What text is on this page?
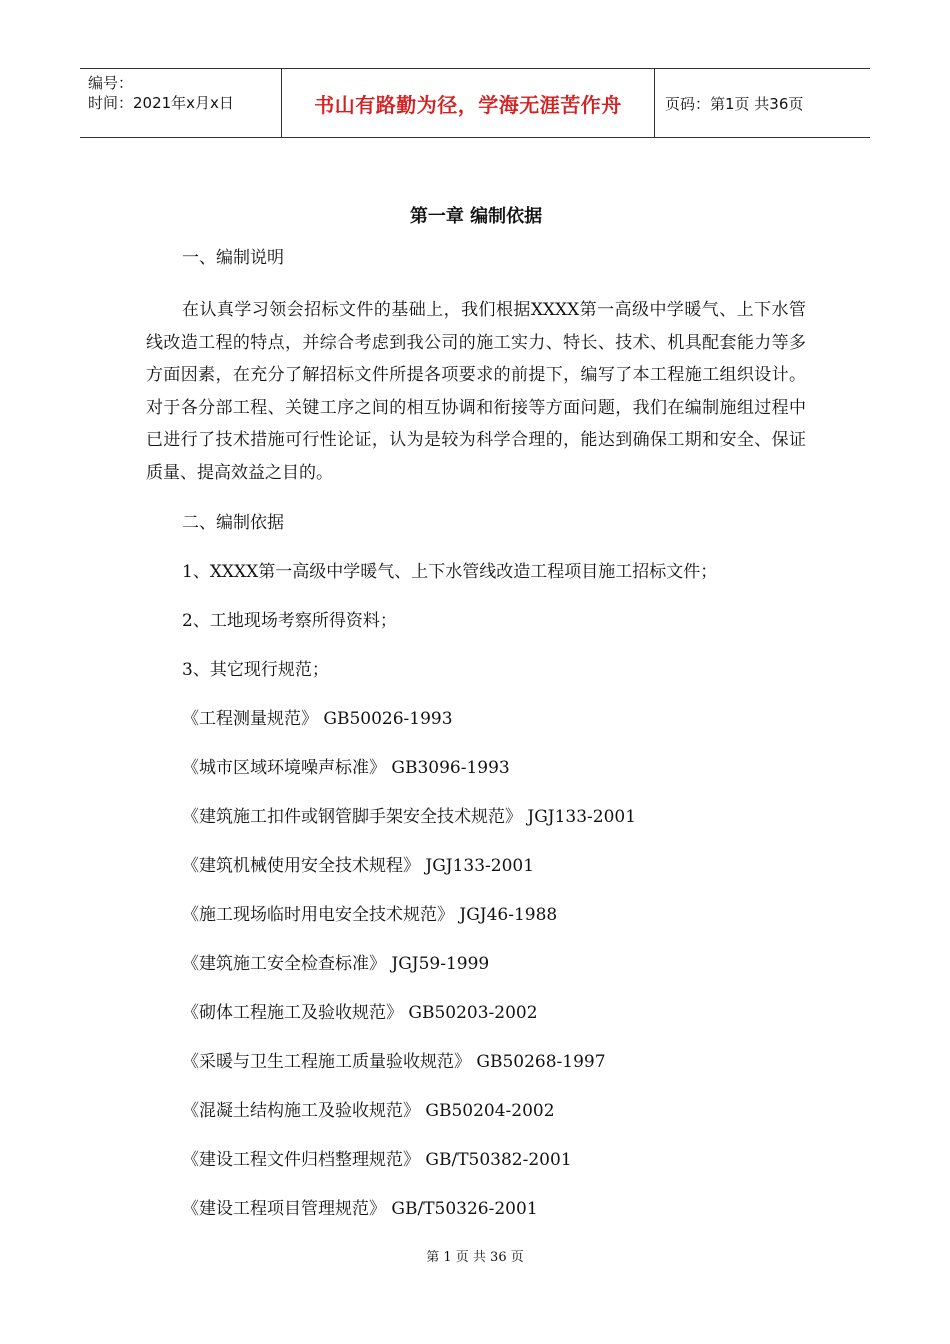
编号：
时间：2021年x月x日	书山有路勤为径，学海无涯苦作舟	页码：第1页 共36页
第一章 编制依据

一、编制说明

在认真学习领会招标文件的基础上，我们根据XXXX第一高级中学暖气、上下水管线改造工程的特点，并综合考虑到我公司的施工实力、特长、技术、机具配套能力等多方面因素，在充分了解招标文件所提各项要求的前提下，编写了本工程施工组织设计。对于各分部工程、关键工序之间的相互协调和衔接等方面问题，我们在编制施组过程中已进行了技术措施可行性论证，认为是较为科学合理的，能达到确保工期和安全、保证质量、提高效益之目的。

二、编制依据

1、XXXX第一高级中学暖气、上下水管线改造工程项目施工招标文件；

2、工地现场考察所得资料；

3、其它现行规范；

《工程测量规范》 GB50026-1993

《城市区域环境噪声标准》 GB3096-1993

《建筑施工扣件或钢管脚手架安全技术规范》 JGJ133-2001

《建筑机械使用安全技术规程》 JGJ133-2001

《施工现场临时用电安全技术规范》 JGJ46-1988

《建筑施工安全检查标准》 JGJ59-1999

《砌体工程施工及验收规范》 GB50203-2002

《采暖与卫生工程施工质量验收规范》 GB50268-1997

《混凝土结构施工及验收规范》 GB50204-2002

《建设工程文件归档整理规范》 GB/T50382-2001

《建设工程项目管理规范》 GB/T50326-2001

第 1 页 共 36 页
